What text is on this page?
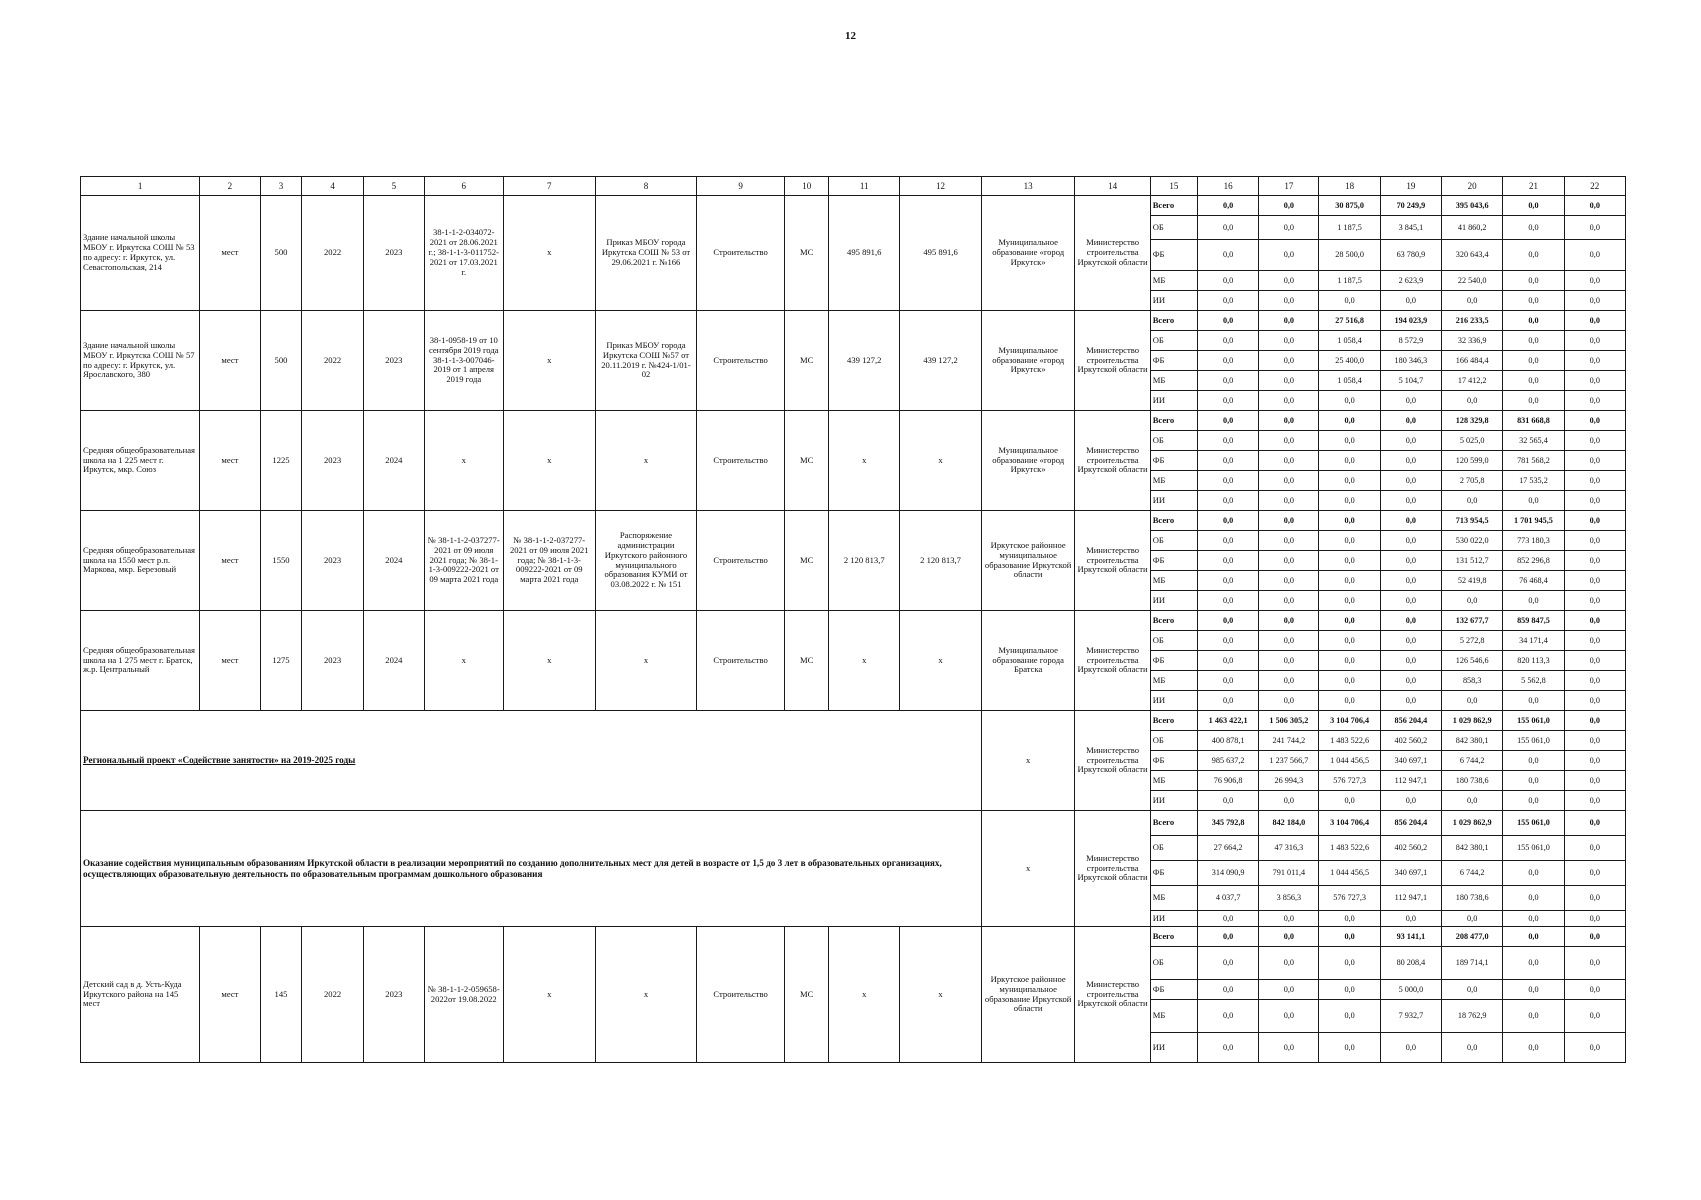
12
1	2	3	4	5	6	7	8	9	10	11	12	13	14	15	16	17	18	19	20	21	22
Здание начальной школы МБОУ г. Иркутска СОШ № 53 по адресу: г. Иркутск, ул. Севастопольская, 214	мест	500	2022	2023	38-1-1-2-034072-2021 от 28.06.2021 г.; 38-1-1-3-011752-2021 от 17.03.2021 г.	х	Приказ МБОУ города Иркутска СОШ № 53 от 29.06.2021 г. №166	Строительство	МС	495 891,6	495 891,6	Муниципальное образование «город Иркутск»	Министерство строительства Иркутской области	Всего	0,0	0,0	30 875,0	70 249,9	395 043,6	0,0	0,0
														ОБ	0,0	0,0	1 187,5	3 845,1	41 860,2	0,0	0,0
														ФБ	0,0	0,0	28 500,0	63 780,9	320 643,4	0,0	0,0
														МБ	0,0	0,0	1 187,5	2 623,9	22 540,0	0,0	0,0
														ИИ	0,0	0,0	0,0	0,0	0,0	0,0	0,0
Здание начальной школы МБОУ г. Иркутска СОШ № 57 по адресу: г. Иркутск, ул. Ярославского, 380	мест	500	2022	2023	38-1-0958-19 от 10 сентября 2019 года 38-1-1-3-007046-2019 от 1 апреля 2019 года	х	Приказ МБОУ города Иркутска СОШ №57 от 20.11.2019 г. №424-1/01-02	Строительство	МС	439 127,2	439 127,2	Муниципальное образование «город Иркутск»	Министерство строительства Иркутской области	Всего	0,0	0,0	27 516,8	194 023,9	216 233,5	0,0	0,0
														ОБ	0,0	0,0	1 058,4	8 572,9	32 336,9	0,0	0,0
														ФБ	0,0	0,0	25 400,0	180 346,3	166 484,4	0,0	0,0
														МБ	0,0	0,0	1 058,4	5 104,7	17 412,2	0,0	0,0
														ИИ	0,0	0,0	0,0	0,0	0,0	0,0	0,0
Средняя общеобразовательная школа на 1 225 мест г. Иркутск, мкр. Союз	мест	1225	2023	2024	х	х	х	Строительство	МС	х	х	Муниципальное образование «город Иркутск»	Министерство строительства Иркутской области	Всего	0,0	0,0	0,0	0,0	128 329,8	831 668,8	0,0
														ОБ	0,0	0,0	0,0	0,0	5 025,0	32 565,4	0,0
														ФБ	0,0	0,0	0,0	0,0	120 599,0	781 568,2	0,0
														МБ	0,0	0,0	0,0	0,0	2 705,8	17 535,2	0,0
														ИИ	0,0	0,0	0,0	0,0	0,0	0,0	0,0
Средняя общеобразовательная школа на 1550 мест р.п. Маркова, мкр. Березовый	мест	1550	2023	2024	№ 38-1-1-2-037277-2021 от 09 июля 2021 года; № 38-1-1-3-009222-2021 от 09 марта 2021 года	№ 38-1-1-2-037277-2021 от 09 июля 2021 года; № 38-1-1-3-009222-2021 от 09 марта 2021 года	Распоряжение администрации Иркутского районного муниципального образования КУМИ от 03.08.2022 г. № 151	Строительство	МС	2 120 813,7	2 120 813,7	Иркутское районное муниципальное образование Иркутской области	Министерство строительства Иркутской области	Всего	0,0	0,0	0,0	0,0	713 954,5	1 701 945,5	0,0
														ОБ	0,0	0,0	0,0	0,0	530 022,0	773 180,3	0,0
														ФБ	0,0	0,0	0,0	0,0	131 512,7	852 296,8	0,0
														МБ	0,0	0,0	0,0	0,0	52 419,8	76 468,4	0,0
														ИИ	0,0	0,0	0,0	0,0	0,0	0,0	0,0
Средняя общеобразовательная школа на 1 275 мест г. Братск, ж.р. Центральный	мест	1275	2023	2024	х	х	х	Строительство	МС	х	х	Муниципальное образование города Братска	Министерство строительства Иркутской области	Всего	0,0	0,0	0,0	0,0	132 677,7	859 847,5	0,0
														ОБ	0,0	0,0	0,0	0,0	5 272,8	34 171,4	0,0
														ФБ	0,0	0,0	0,0	0,0	126 546,6	820 113,3	0,0
														МБ	0,0	0,0	0,0	0,0	858,3	5 562,8	0,0
														ИИ	0,0	0,0	0,0	0,0	0,0	0,0	0,0
Региональный проект «Содействие занятости» на 2019-2025 годы												х	Министерство строительства Иркутской области	Всего	1 463 422,1	1 506 305,2	3 104 706,4	856 204,4	1 029 862,9	155 061,0	0,0
														ОБ	400 878,1	241 744,2	1 483 522,6	402 560,2	842 380,1	155 061,0	0,0
														ФБ	985 637,2	1 237 566,7	1 044 456,5	340 697,1	6 744,2	0,0	0,0
														МБ	76 906,8	26 994,3	576 727,3	112 947,1	180 738,6	0,0	0,0
														ИИ	0,0	0,0	0,0	0,0	0,0	0,0	0,0
Оказание содействия муниципальным образованиям Иркутской области в реализации мероприятий по созданию дополнительных мест для детей в возрасте от 1,5 до 3 лет в образовательных организациях, осуществляющих образовательную деятельность по образовательным программам дошкольного образования												х	Министерство строительства Иркутской области	Всего	345 792,8	842 184,0	3 104 706,4	856 204,4	1 029 862,9	155 061,0	0,0
														ОБ	27 664,2	47 316,3	1 483 522,6	402 560,2	842 380,1	155 061,0	0,0
														ФБ	314 090,9	791 011,4	1 044 456,5	340 697,1	6 744,2	0,0	0,0
														МБ	4 037,7	3 856,3	576 727,3	112 947,1	180 738,6	0,0	0,0
														ИИ	0,0	0,0	0,0	0,0	0,0	0,0	0,0
Детский сад в д. Усть-Куда Иркутского района на 145 мест	мест	145	2022	2023	№ 38-1-1-2-059658-2022от 19.08.2022	х	х	Строительство	МС	х	х	Иркутское районное муниципальное образование Иркутской области	Министерство строительства Иркутской области	Всего	0,0	0,0	0,0	93 141,1	208 477,0	0,0	0,0
														ОБ	0,0	0,0	0,0	80 208,4	189 714,1	0,0	0,0
														ФБ	0,0	0,0	0,0	5 000,0	0,0	0,0	0,0
														МБ	0,0	0,0	0,0	7 932,7	18 762,9	0,0	0,0
														ИИ	0,0	0,0	0,0	0,0	0,0	0,0	0,0
